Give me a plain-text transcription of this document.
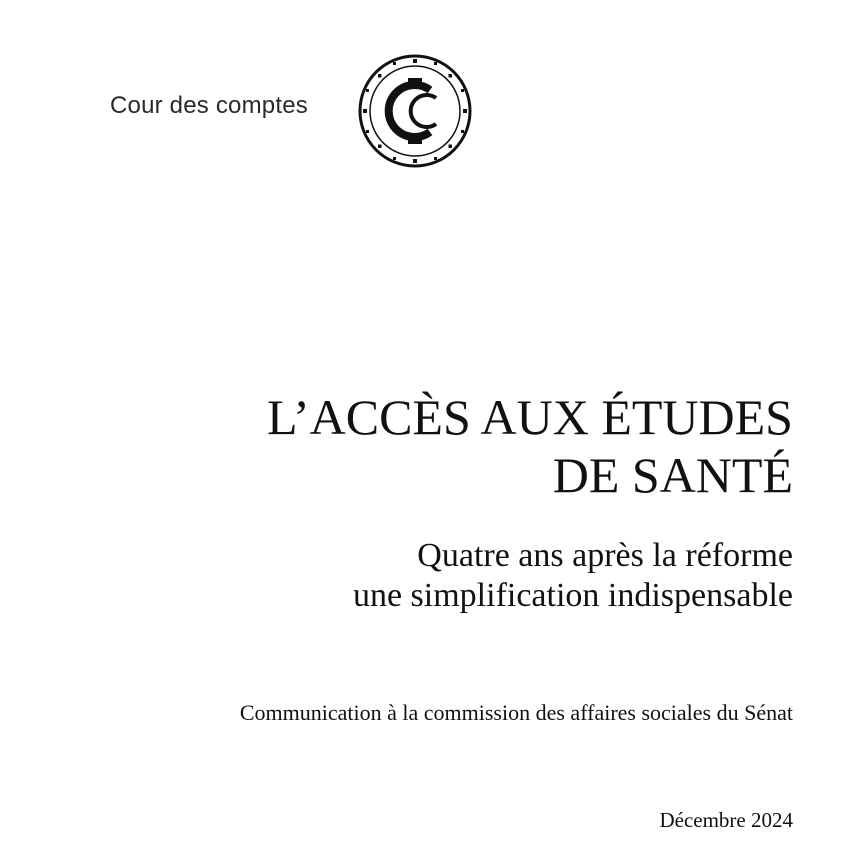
Cour des comptes
L’ACCÈS AUX ÉTUDES
DE SANTÉ
Quatre ans après la réforme
une simplification indispensable
Communication à la commission des affaires sociales du Sénat
Décembre 2024
